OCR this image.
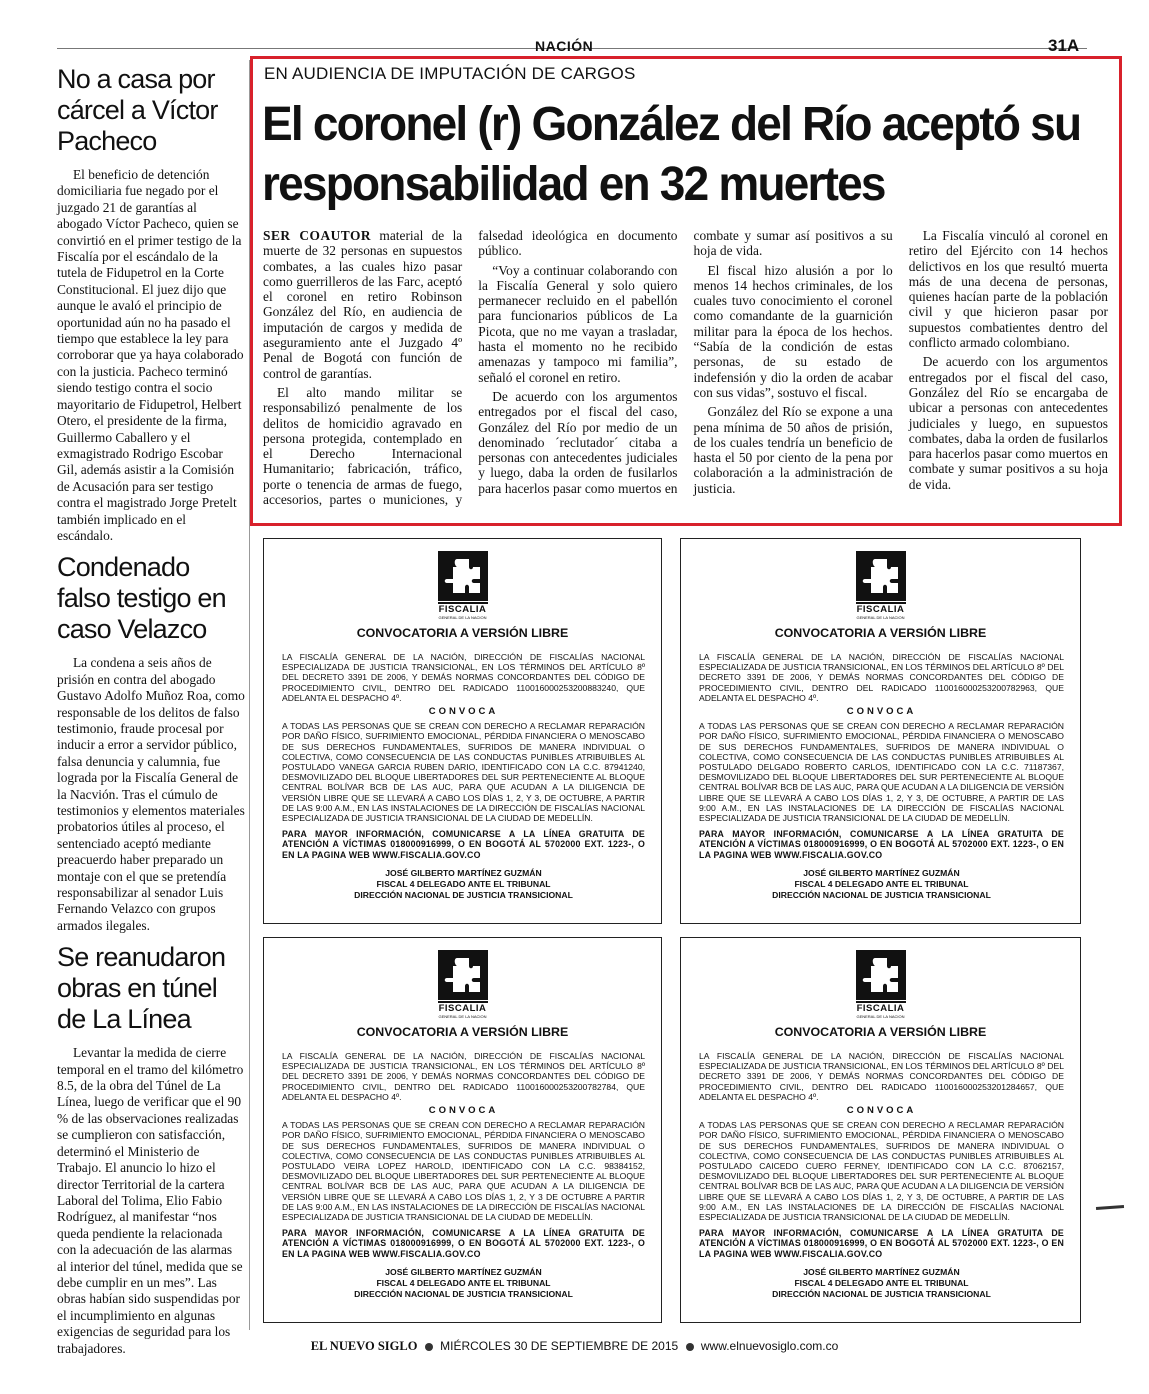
NACIÓN	31A
No a casa por cárcel a Víctor Pacheco

El beneficio de detención domiciliaria fue negado por el juzgado 21 de garantías al abogado Víctor Pacheco, quien se convirtió en el primer testigo de la Fiscalía por el escándalo de la tutela de Fidupetrol en la Corte Constitucional. El juez dijo que aunque le avaló el principio de oportunidad aún no ha pasado el tiempo que establece la ley para corroborar que ya haya colaborado con la justicia. Pacheco terminó siendo testigo contra el socio mayoritario de Fidupetrol, Helbert Otero, el presidente de la firma, Guillermo Caballero y el exmagistrado Rodrigo Escobar Gil, además asistir a la Comisión de Acusación para ser testigo contra el magistrado Jorge Pretelt también implicado en el escándalo.

Condenado falso testigo en caso Velazco

La condena a seis años de prisión en contra del abogado Gustavo Adolfo Muñoz Roa, como responsable de los delitos de falso testimonio, fraude procesal por inducir a error a servidor público, falsa denuncia y calumnia, fue lograda por la Fiscalía General de la Nacvión. Tras el cúmulo de testimonios y elementos materiales probatorios útiles al proceso, el sentenciado aceptó mediante preacuerdo haber preparado un montaje con el que se pretendía responsabilizar al senador Luis Fernando Velazco con grupos armados ilegales.

Se reanudaron obras en túnel de La Línea

Levantar la medida de cierre temporal en el tramo del kilómetro 8.5, de la obra del Túnel de La Línea, luego de verificar que el 90 % de las observaciones realizadas se cumplieron con satisfacción, determinó el Ministerio de Trabajo. El anuncio lo hizo el director Territorial de la cartera Laboral del Tolima, Elio Fabio Rodríguez, al manifestar “nos queda pendiente la relacionada con la adecuación de las alarmas al interior del túnel, medida que se debe cumplir en un mes”. Las obras habían sido suspendidas por el incumplimiento en algunas exigencias de seguridad para los trabajadores.

EN AUDIENCIA DE IMPUTACIÓN DE CARGOS
El coronel (r) González del Río aceptó su responsabilidad en 32 muertes

SER COAUTOR material de la muerte de 32 personas en supuestos combates, a las cuales hizo pasar como guerrilleros de las Farc, aceptó el coronel en retiro Robinson González del Río, en audiencia de imputación de cargos y medida de aseguramiento ante el Juzgado 4º Penal de Bogotá con función de control de garantías.

El alto mando militar se responsabilizó penalmente de los delitos de homicidio agravado en persona protegida, contemplado en el Derecho Internacional Humanitario; fabricación, tráfico, porte o tenencia de armas de fuego, accesorios, partes o municiones, y falsedad ideológica en documento público.

“Voy a continuar colaborando con la Fiscalía General y solo quiero permanecer recluido en el pabellón para funcionarios públicos de La Picota, que no me vayan a trasladar, hasta el momento no he recibido amenazas y tampoco mi familia”, señaló el coronel en retiro.

De acuerdo con los argumentos entregados por el fiscal del caso, González del Río por medio de un denominado ´reclutador´ citaba a personas con antecedentes judiciales y luego, daba la orden de fusilarlos para hacerlos pasar como muertos en combate y sumar así positivos a su hoja de vida.

El fiscal hizo alusión a por lo menos 14 hechos criminales, de los cuales tuvo conocimiento el coronel como comandante de la guarnición militar para la época de los hechos. “Sabía de la condición de estas personas, de su estado de indefensión y dio la orden de acabar con sus vidas”, sostuvo el fiscal.

González del Río se expone a una pena mínima de 50 años de prisión, de los cuales tendría un beneficio de hasta el 50 por ciento de la pena por colaboración a la administración de justicia.

La Fiscalía vinculó al coronel en retiro del Ejército con 14 hechos delictivos en los que resultó muerta más de una decena de personas, quienes hacían parte de la población civil y que hicieron pasar por supuestos combatientes dentro del conflicto armado colombiano.

De acuerdo con los argumentos entregados por el fiscal del caso, González del Río se encargaba de ubicar a personas con antecedentes judiciales y luego, en supuestos combates, daba la orden de fusilarlos para hacerlos pasar como muertos en combate y sumar positivos a su hoja de vida.

FISCALIA
GENERAL DE LA NACION
CONVOCATORIA A VERSIÓN LIBRE

LA FISCALÍA GENERAL DE LA NACIÓN, DIRECCIÓN DE FISCALÍAS NACIONAL ESPECIALIZADA DE JUSTICIA TRANSICIONAL, EN LOS TÉRMINOS DEL ARTÍCULO 8º DEL DECRETO 3391 DE 2006, Y DEMÁS NORMAS CONCORDANTES DEL CÓDIGO DE PROCEDIMIENTO CIVIL, DENTRO DEL RADICADO 110016000253200883240, QUE ADELANTA EL DESPACHO 4º.

CONVOCA

A TODAS LAS PERSONAS QUE SE CREAN CON DERECHO A RECLAMAR REPARACIÓN POR DAÑO FÍSICO, SUFRIMIENTO EMOCIONAL, PÉRDIDA FINANCIERA O MENOSCABO DE SUS DERECHOS FUNDAMENTALES, SUFRIDOS DE MANERA INDIVIDUAL O COLECTIVA, COMO CONSECUENCIA DE LAS CONDUCTAS PUNIBLES ATRIBUIBLES AL POSTULADO VANEGA GARCIA RUBEN DARIO, IDENTIFICADO CON LA C.C. 87941240, DESMOVILIZADO DEL BLOQUE LIBERTADORES DEL SUR PERTENECIENTE AL BLOQUE CENTRAL BOLÍVAR BCB DE LAS AUC, PARA QUE ACUDAN A LA DILIGENCIA DE VERSIÓN LIBRE QUE SE LLEVARÁ A CABO LOS DÍAS 1, 2, Y 3, DE OCTUBRE, A PARTIR DE LAS 9:00 A.M., EN LAS INSTALACIONES DE LA DIRECCIÓN DE FISCALÍAS NACIONAL ESPECIALIZADA DE JUSTICIA TRANSICIONAL DE LA CIUDAD DE MEDELLÍN.

PARA MAYOR INFORMACIÓN, COMUNICARSE A LA LÍNEA GRATUITA DE ATENCIÓN A VÍCTIMAS 018000916999, O EN BOGOTÁ AL 5702000 EXT. 1223-, O EN LA PAGINA WEB WWW.FISCALIA.GOV.CO

JOSÉ GILBERTO MARTÍNEZ GUZMÁN
FISCAL 4 DELEGADO ANTE EL TRIBUNAL
DIRECCIÓN NACIONAL DE JUSTICIA TRANSICIONAL
FISCALIA
GENERAL DE LA NACION
CONVOCATORIA A VERSIÓN LIBRE

LA FISCALÍA GENERAL DE LA NACIÓN, DIRECCIÓN DE FISCALÍAS NACIONAL ESPECIALIZADA DE JUSTICIA TRANSICIONAL, EN LOS TÉRMINOS DEL ARTÍCULO 8º DEL DECRETO 3391 DE 2006, Y DEMÁS NORMAS CONCORDANTES DEL CÓDIGO DE PROCEDIMIENTO CIVIL, DENTRO DEL RADICADO 110016000253200782963, QUE ADELANTA EL DESPACHO 4º.

CONVOCA

A TODAS LAS PERSONAS QUE SE CREAN CON DERECHO A RECLAMAR REPARACIÓN POR DAÑO FÍSICO, SUFRIMIENTO EMOCIONAL, PÉRDIDA FINANCIERA O MENOSCABO DE SUS DERECHOS FUNDAMENTALES, SUFRIDOS DE MANERA INDIVIDUAL O COLECTIVA, COMO CONSECUENCIA DE LAS CONDUCTAS PUNIBLES ATRIBUIBLES AL POSTULADO DELGADO ROBERTO CARLOS, IDENTIFICADO CON LA C.C. 71187367, DESMOVILIZADO DEL BLOQUE LIBERTADORES DEL SUR PERTENECIENTE AL BLOQUE CENTRAL BOLÍVAR BCB DE LAS AUC, PARA QUE ACUDAN A LA DILIGENCIA DE VERSIÓN LIBRE QUE SE LLEVARÁ A CABO LOS DÍAS 1, 2, Y 3, DE OCTUBRE, A PARTIR DE LAS 9:00 A.M., EN LAS INSTALACIONES DE LA DIRECCIÓN DE FISCALÍAS NACIONAL ESPECIALIZADA DE JUSTICIA TRANSICIONAL DE LA CIUDAD DE MEDELLÍN.

PARA MAYOR INFORMACIÓN, COMUNICARSE A LA LÍNEA GRATUITA DE ATENCIÓN A VÍCTIMAS 018000916999, O EN BOGOTÁ AL 5702000 EXT. 1223-, O EN LA PAGINA WEB WWW.FISCALIA.GOV.CO

JOSÉ GILBERTO MARTÍNEZ GUZMÁN
FISCAL 4 DELEGADO ANTE EL TRIBUNAL
DIRECCIÓN NACIONAL DE JUSTICIA TRANSICIONAL
FISCALIA
GENERAL DE LA NACION
CONVOCATORIA A VERSIÓN LIBRE

LA FISCALÍA GENERAL DE LA NACIÓN, DIRECCIÓN DE FISCALÍAS NACIONAL ESPECIALIZADA DE JUSTICIA TRANSICIONAL, EN LOS TÉRMINOS DEL ARTÍCULO 8º DEL DECRETO 3391 DE 2006, Y DEMÁS NORMAS CONCORDANTES DEL CÓDIGO DE PROCEDIMIENTO CIVIL, DENTRO DEL RADICADO 110016000253200782784, QUE ADELANTA EL DESPACHO 4º.

CONVOCA

A TODAS LAS PERSONAS QUE SE CREAN CON DERECHO A RECLAMAR REPARACIÓN POR DAÑO FÍSICO, SUFRIMIENTO EMOCIONAL, PÉRDIDA FINANCIERA O MENOSCABO DE SUS DERECHOS FUNDAMENTALES, SUFRIDOS DE MANERA INDIVIDUAL O COLECTIVA, COMO CONSECUENCIA DE LAS CONDUCTAS PUNIBLES ATRIBUIBLES AL POSTULADO VEIRA LOPEZ HAROLD, IDENTIFICADO CON LA C.C. 98384152, DESMOVILIZADO DEL BLOQUE LIBERTADORES DEL SUR PERTENECIENTE AL BLOQUE CENTRAL BOLÍVAR BCB DE LAS AUC, PARA QUE ACUDAN A LA DILIGENCIA DE VERSIÓN LIBRE QUE SE LLEVARÁ A CABO LOS DÍAS 1, 2, Y 3 DE OCTUBRE A PARTIR DE LAS 9:00 A.M., EN LAS INSTALACIONES DE LA DIRECCIÓN DE FISCALÍAS NACIONAL ESPECIALIZADA DE JUSTICIA TRANSICIONAL DE LA CIUDAD DE MEDELLÍN.

PARA MAYOR INFORMACIÓN, COMUNICARSE A LA LÍNEA GRATUITA DE ATENCIÓN A VÍCTIMAS 018000916999, O EN BOGOTÁ AL 5702000 EXT. 1223-, O EN LA PAGINA WEB WWW.FISCALIA.GOV.CO

JOSÉ GILBERTO MARTÍNEZ GUZMÁN
FISCAL 4 DELEGADO ANTE EL TRIBUNAL
DIRECCIÓN NACIONAL DE JUSTICIA TRANSICIONAL
FISCALIA
GENERAL DE LA NACION
CONVOCATORIA A VERSIÓN LIBRE

LA FISCALÍA GENERAL DE LA NACIÓN, DIRECCIÓN DE FISCALÍAS NACIONAL ESPECIALIZADA DE JUSTICIA TRANSICIONAL, EN LOS TÉRMINOS DEL ARTÍCULO 8º DEL DECRETO 3391 DE 2006, Y DEMÁS NORMAS CONCORDANTES DEL CÓDIGO DE PROCEDIMIENTO CIVIL, DENTRO DEL RADICADO 110016000253201284657, QUE ADELANTA EL DESPACHO 4º.

CONVOCA

A TODAS LAS PERSONAS QUE SE CREAN CON DERECHO A RECLAMAR REPARACIÓN POR DAÑO FÍSICO, SUFRIMIENTO EMOCIONAL, PÉRDIDA FINANCIERA O MENOSCABO DE SUS DERECHOS FUNDAMENTALES, SUFRIDOS DE MANERA INDIVIDUAL O COLECTIVA, COMO CONSECUENCIA DE LAS CONDUCTAS PUNIBLES ATRIBUIBLES AL POSTULADO CAICEDO CUERO FERNEY, IDENTIFICADO CON LA C.C. 87062157, DESMOVILIZADO DEL BLOQUE LIBERTADORES DEL SUR PERTENECIENTE AL BLOQUE CENTRAL BOLÍVAR BCB DE LAS AUC, PARA QUE ACUDAN A LA DILIGENCIA DE VERSIÓN LIBRE QUE SE LLEVARÁ A CABO LOS DÍAS 1, 2, Y 3, DE OCTUBRE, A PARTIR DE LAS 9:00 A.M., EN LAS INSTALACIONES DE LA DIRECCIÓN DE FISCALÍAS NACIONAL ESPECIALIZADA DE JUSTICIA TRANSICIONAL DE LA CIUDAD DE MEDELLÍN.

PARA MAYOR INFORMACIÓN, COMUNICARSE A LA LÍNEA GRATUITA DE ATENCIÓN A VÍCTIMAS 018000916999, O EN BOGOTÁ AL 5702000 EXT. 1223-, O EN LA PAGINA WEB WWW.FISCALIA.GOV.CO

JOSÉ GILBERTO MARTÍNEZ GUZMÁN
FISCAL 4 DELEGADO ANTE EL TRIBUNAL
DIRECCIÓN NACIONAL DE JUSTICIA TRANSICIONAL
EL NUEVO SIGLO MIÉRCOLES 30 DE SEPTIEMBRE DE 2015 www.elnuevosiglo.com.co
